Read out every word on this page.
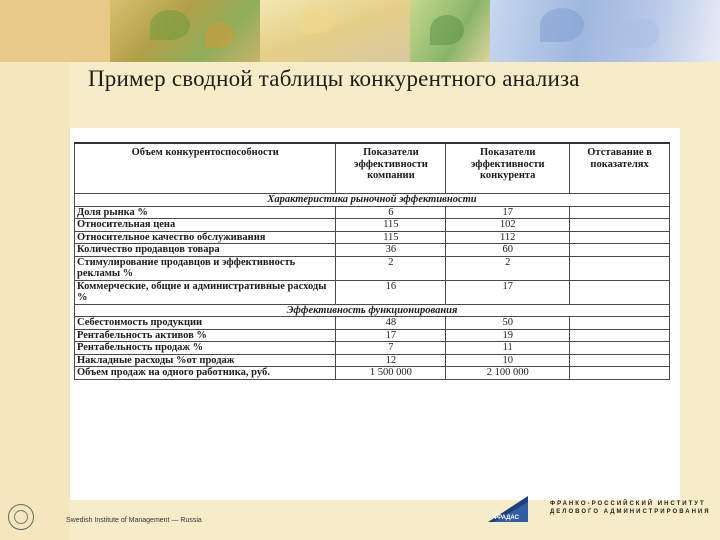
Пример сводной таблицы конкурентного анализа
Объем конкурентоспособности	Показатели эффективности компании	Показатели эффективности конкурента	Отставание в показателях
Характеристика рыночной эффективности			
Доля рынка %	6	17	
Относительная цена	115	102	
Относительное качество обслуживания	115	112	
Количество продавцов товара	36	60	
Стимулирование продавцов и эффективность рекламы %	2	2	
Коммерческие, общие и административные расходы %	16	17	
Эффективность функционирования			
Себестоимость продукции	48	50	
Рентабельность активов %	17	19	
Рентабельность продаж %	7	11	
Накладные расходы %от продаж	12	10	
Объем продаж на одного работника, руб.	1 500 000	2 100 000	
Swedish Institute of Management — Russia	ФРАДАС
ФРАНКО-РОССИЙСКИЙ ИНСТИТУТ
ДЕЛОВОГО АДМИНИСТРИРОВАНИЯ
